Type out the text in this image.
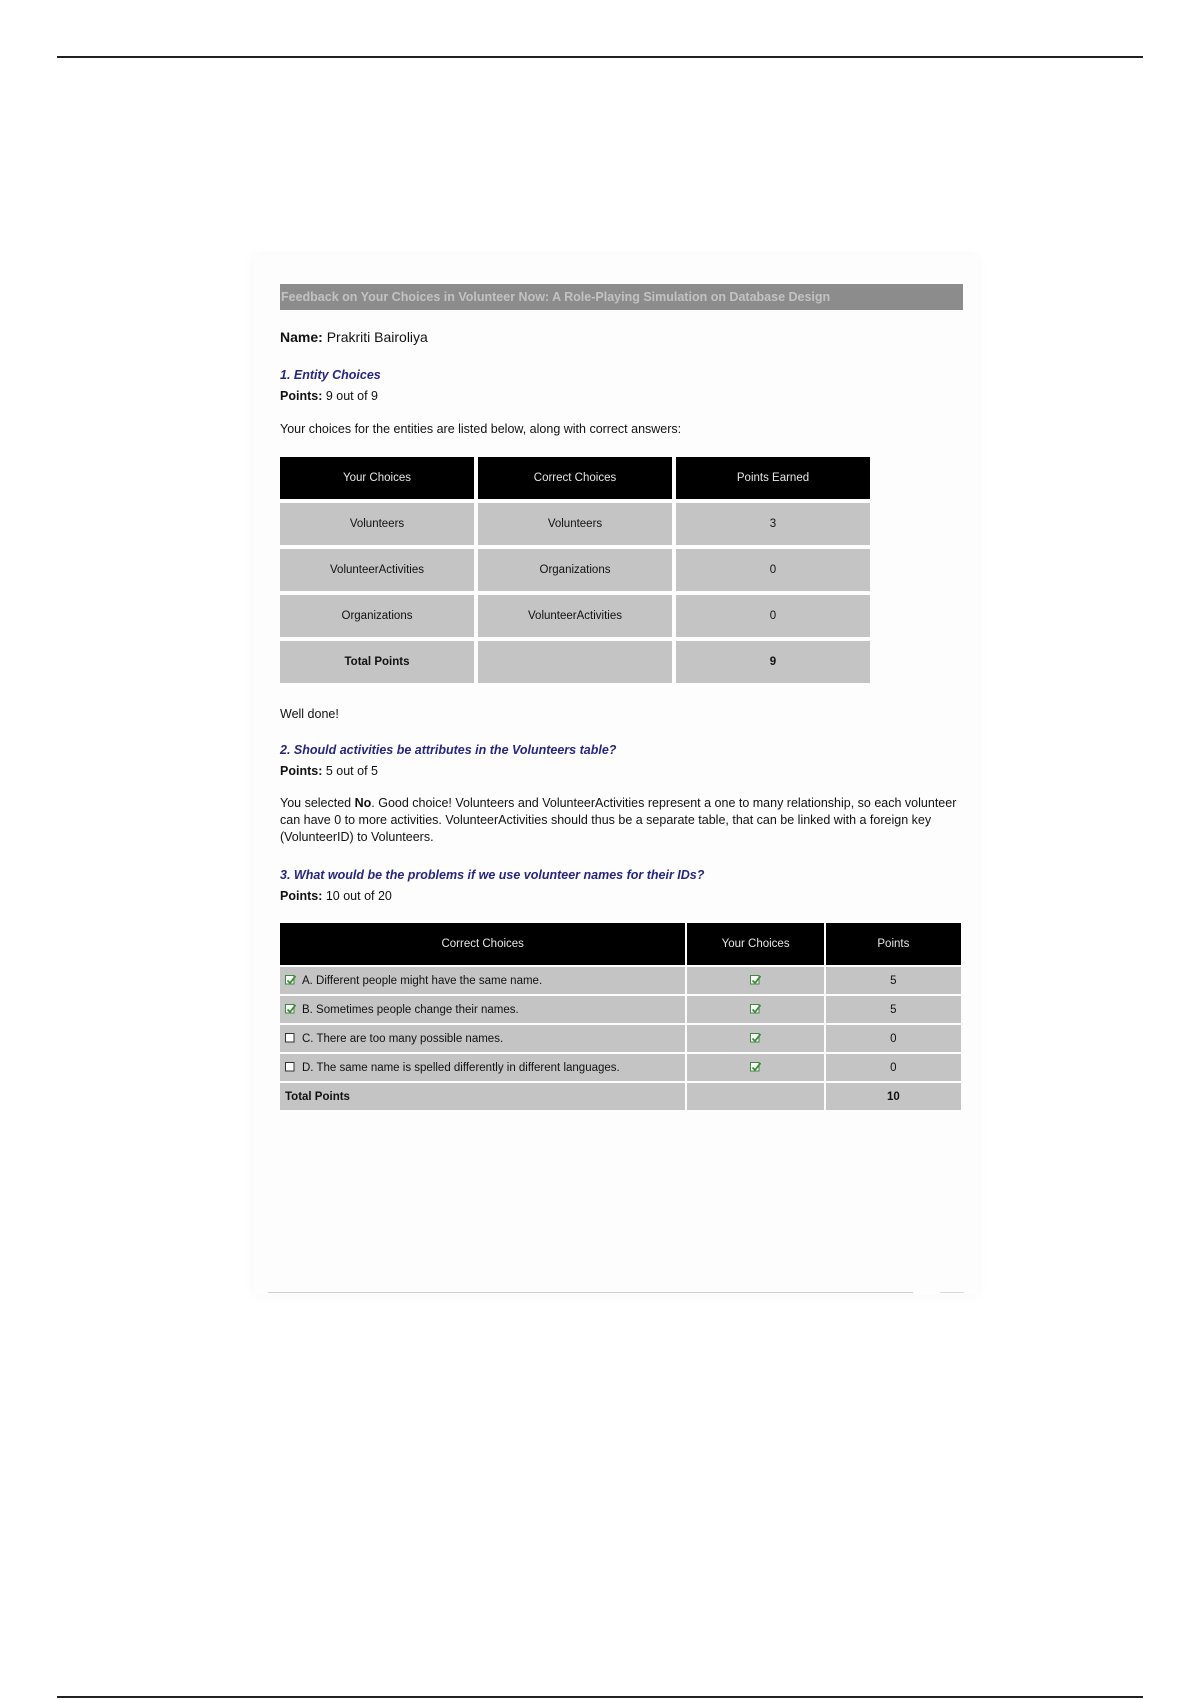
Feedback on Your Choices in Volunteer Now: A Role-Playing Simulation on Database Design
Name: Prakriti Bairoliya
1. Entity Choices
Points: 9 out of 9
Your choices for the entities are listed below, along with correct answers:
Your Choices	Correct Choices	Points Earned
Volunteers	Volunteers	3
VolunteerActivities	Organizations	0
Organizations	VolunteerActivities	0
Total Points		9
Well done!
2. Should activities be attributes in the Volunteers table?
Points: 5 out of 5
You selected No. Good choice! Volunteers and VolunteerActivities represent a one to many relationship, so each volunteer can have 0 to more activities. VolunteerActivities should thus be a separate table, that can be linked with a foreign key (VolunteerID) to Volunteers.
3. What would be the problems if we use volunteer names for their IDs?
Points: 10 out of 20
Correct Choices	Your Choices	Points
A. Different people might have the same name.		5
B. Sometimes people change their names.		5
C. There are too many possible names.		0
D. The same name is spelled differently in different languages.		0
Total Points		10
